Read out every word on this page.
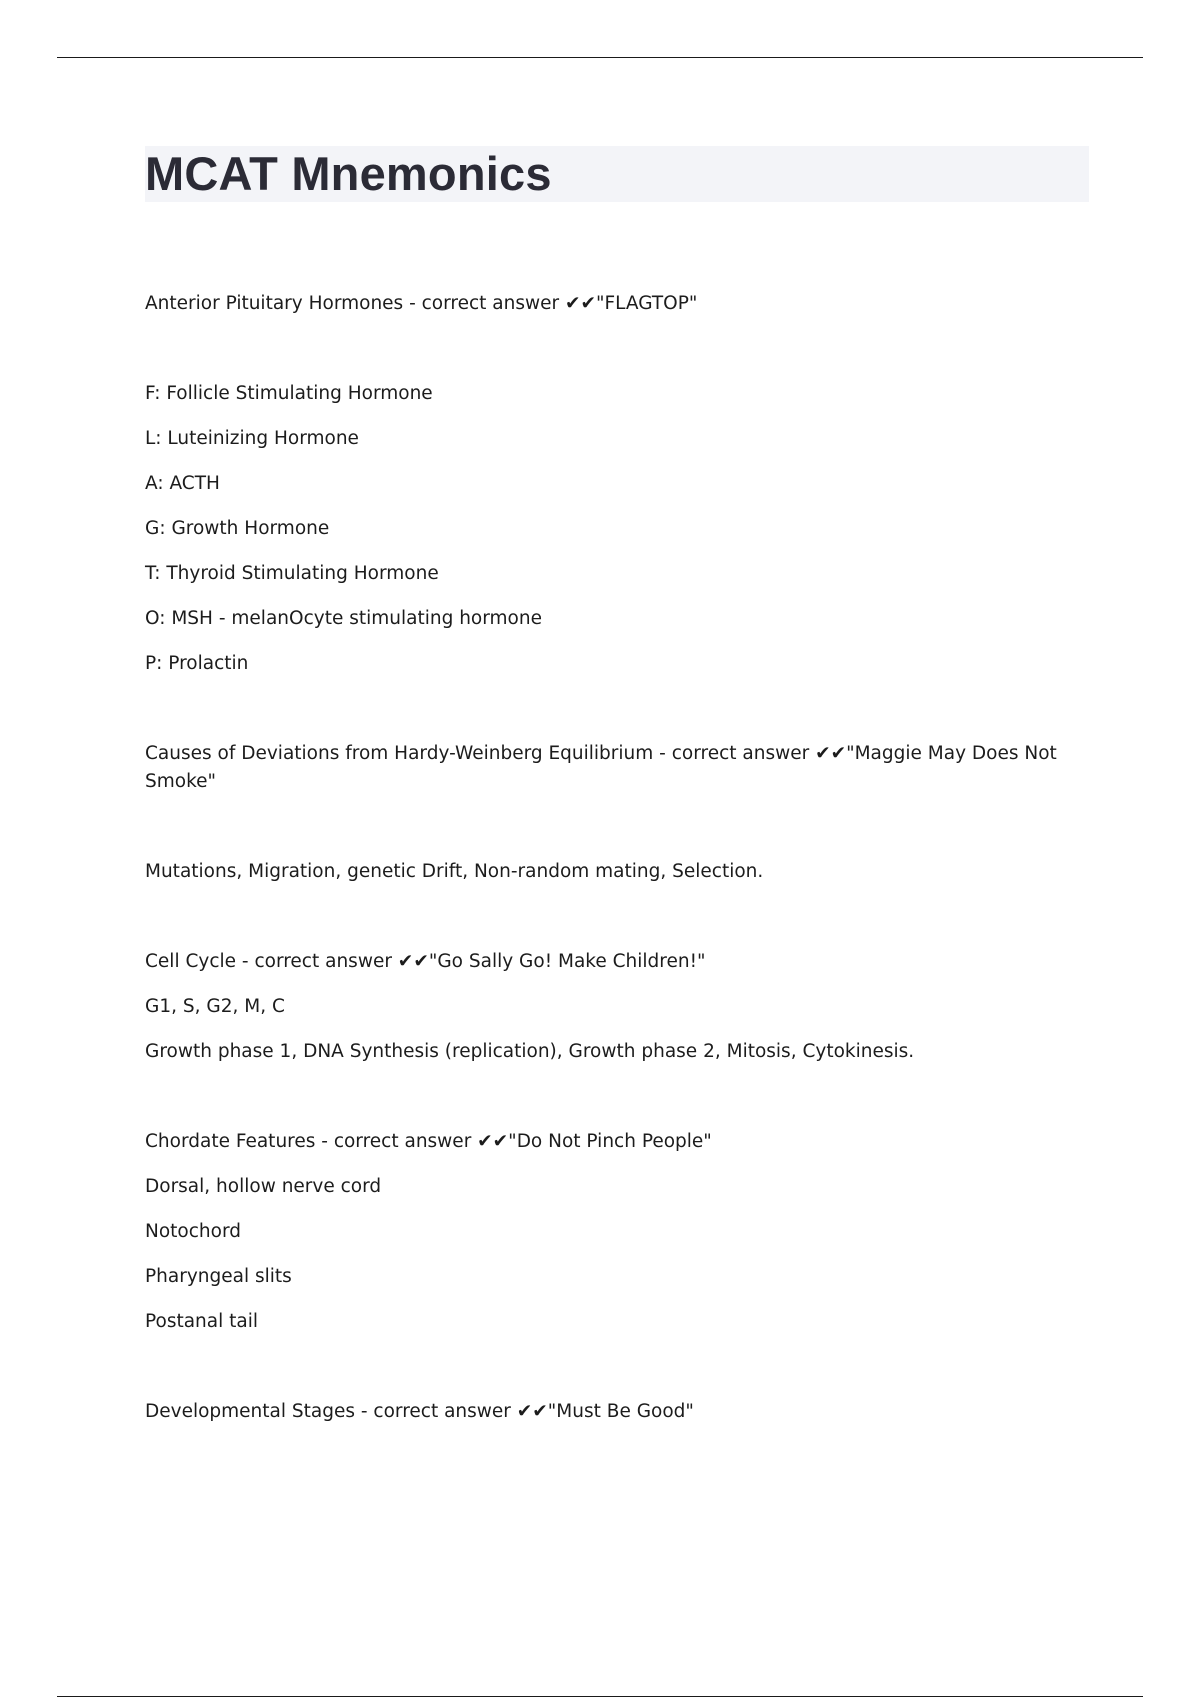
MCAT Mnemonics

Anterior Pituitary Hormones - correct answer ✔✔"FLAGTOP"

F: Follicle Stimulating Hormone

L: Luteinizing Hormone

A: ACTH

G: Growth Hormone

T: Thyroid Stimulating Hormone

O: MSH - melanOcyte stimulating hormone

P: Prolactin

Causes of Deviations from Hardy-Weinberg Equilibrium - correct answer ✔✔"Maggie May Does Not Smoke"

Mutations, Migration, genetic Drift, Non-random mating, Selection.

Cell Cycle - correct answer ✔✔"Go Sally Go! Make Children!"

G1, S, G2, M, C

Growth phase 1, DNA Synthesis (replication), Growth phase 2, Mitosis, Cytokinesis.

Chordate Features - correct answer ✔✔"Do Not Pinch People"

Dorsal, hollow nerve cord

Notochord

Pharyngeal slits

Postanal tail

Developmental Stages - correct answer ✔✔"Must Be Good"
